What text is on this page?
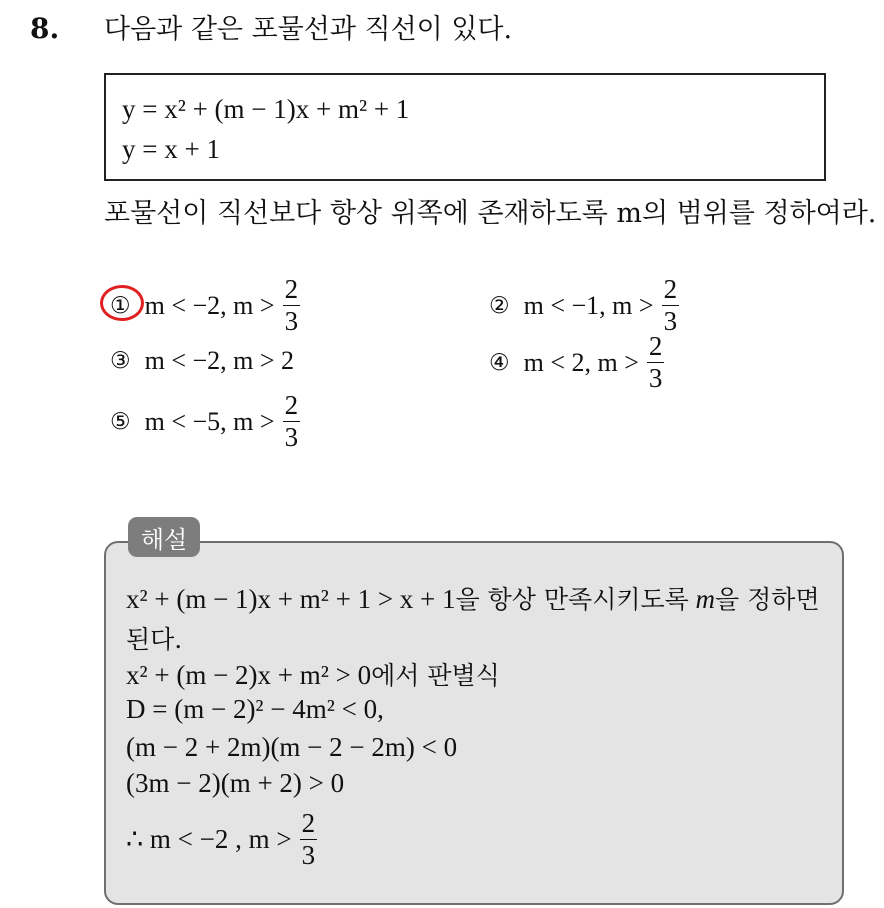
8. 다음과 같은 포물선과 직선이 있다.
y = x² + (m − 1)x + m² + 1
y = x + 1
포물선이 직선보다 항상 위쪽에 존재하도록 m의 범위를 정하여라.
① m < −2, $m > \frac{2}{3}$	② m < −1, $m > \frac{2}{3}$
③ m < −2, m > 2	④ m < 2, $m > \frac{2}{3}$
⑤ m < −5, $m > \frac{2}{3}$
해설
x² + (m − 1)x + m² + 1 > x + 1을 항상 만족시키도록 m을 정하면
된다.
x² + (m − 2)x + m² > 0에서 판별식
D = (m − 2)² − 4m² < 0,
(m − 2 + 2m)(m − 2 − 2m) < 0
(3m − 2)(m + 2) > 0
∴ m < −2 , $m > \frac{2}{3}$
